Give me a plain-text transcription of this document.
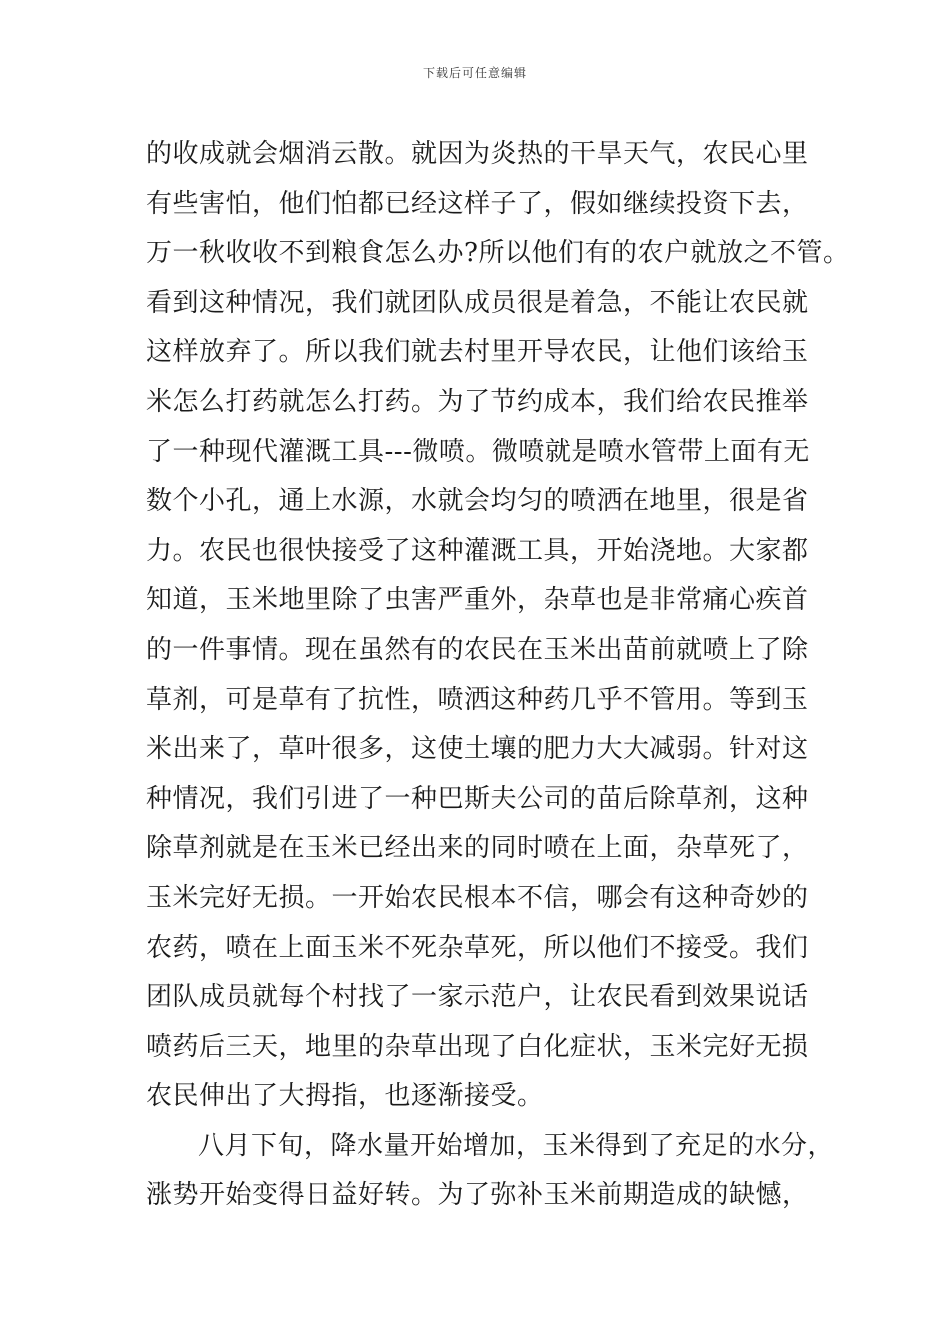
下载后可任意编辑
的收成就会烟消云散。就因为炎热的干旱天气，农民心里
有些害怕，他们怕都已经这样子了，假如继续投资下去，
万一秋收收不到粮食怎么办?所以他们有的农户就放之不管。
看到这种情况，我们就团队成员很是着急，不能让农民就
这样放弃了。所以我们就去村里开导农民，让他们该给玉
米怎么打药就怎么打药。为了节约成本，我们给农民推举
了一种现代灌溉工具---微喷。微喷就是喷水管带上面有无
数个小孔，通上水源，水就会均匀的喷洒在地里，很是省
力。农民也很快接受了这种灌溉工具，开始浇地。大家都
知道，玉米地里除了虫害严重外，杂草也是非常痛心疾首
的一件事情。现在虽然有的农民在玉米出苗前就喷上了除
草剂，可是草有了抗性，喷洒这种药几乎不管用。等到玉
米出来了，草叶很多，这使土壤的肥力大大减弱。针对这
种情况，我们引进了一种巴斯夫公司的苗后除草剂，这种
除草剂就是在玉米已经出来的同时喷在上面，杂草死了，
玉米完好无损。一开始农民根本不信，哪会有这种奇妙的
农药，喷在上面玉米不死杂草死，所以他们不接受。我们
团队成员就每个村找了一家示范户，让农民看到效果说话
喷药后三天，地里的杂草出现了白化症状，玉米完好无损
农民伸出了大拇指，也逐渐接受。
八月下旬，降水量开始增加，玉米得到了充足的水分，
涨势开始变得日益好转。为了弥补玉米前期造成的缺憾，
